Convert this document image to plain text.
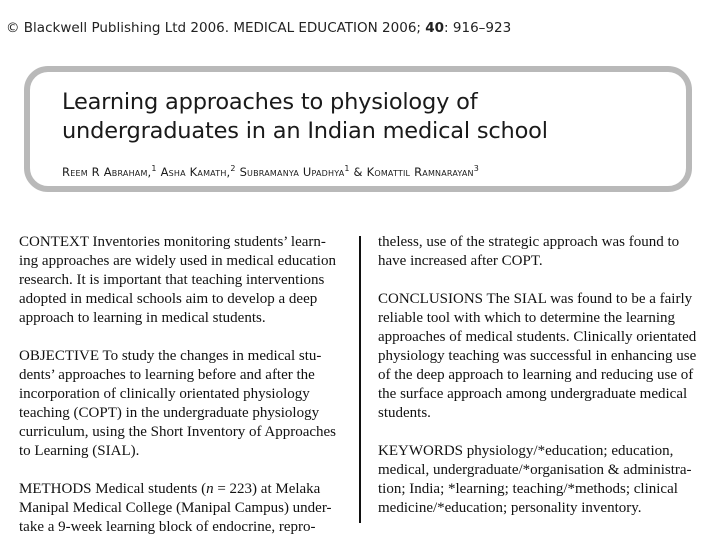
© Blackwell Publishing Ltd 2006. MEDICAL EDUCATION 2006; 40: 916–923
Learning approaches to physiology of
undergraduates in an Indian medical school
Reem R Abraham,$^1$ Asha Kamath,$^2$ Subramanya Upadhya$^1$ & Komattil Ramnarayan$^3$

CONTEXT Inventories monitoring students’ learn-
ing approaches are widely used in medical education
research. It is important that teaching interventions
adopted in medical schools aim to develop a deep
approach to learning in medical students.

OBJECTIVE To study the changes in medical stu-
dents’ approaches to learning before and after the
incorporation of clinically orientated physiology
teaching (COPT) in the undergraduate physiology
curriculum, using the Short Inventory of Approaches
to Learning (SIAL).

METHODS Medical students (n = 223) at Melaka
Manipal Medical College (Manipal Campus) under-
take a 9-week learning block of endocrine, repro-

theless, use of the strategic approach was found to
have increased after COPT.

CONCLUSIONS The SIAL was found to be a fairly
reliable tool with which to determine the learning
approaches of medical students. Clinically orientated
physiology teaching was successful in enhancing use
of the deep approach to learning and reducing use of
the surface approach among undergraduate medical
students.

KEYWORDS physiology/*education; education,
medical, undergraduate/*organisation & administra-
tion; India; *learning; teaching/*methods; clinical
medicine/*education; personality inventory.
